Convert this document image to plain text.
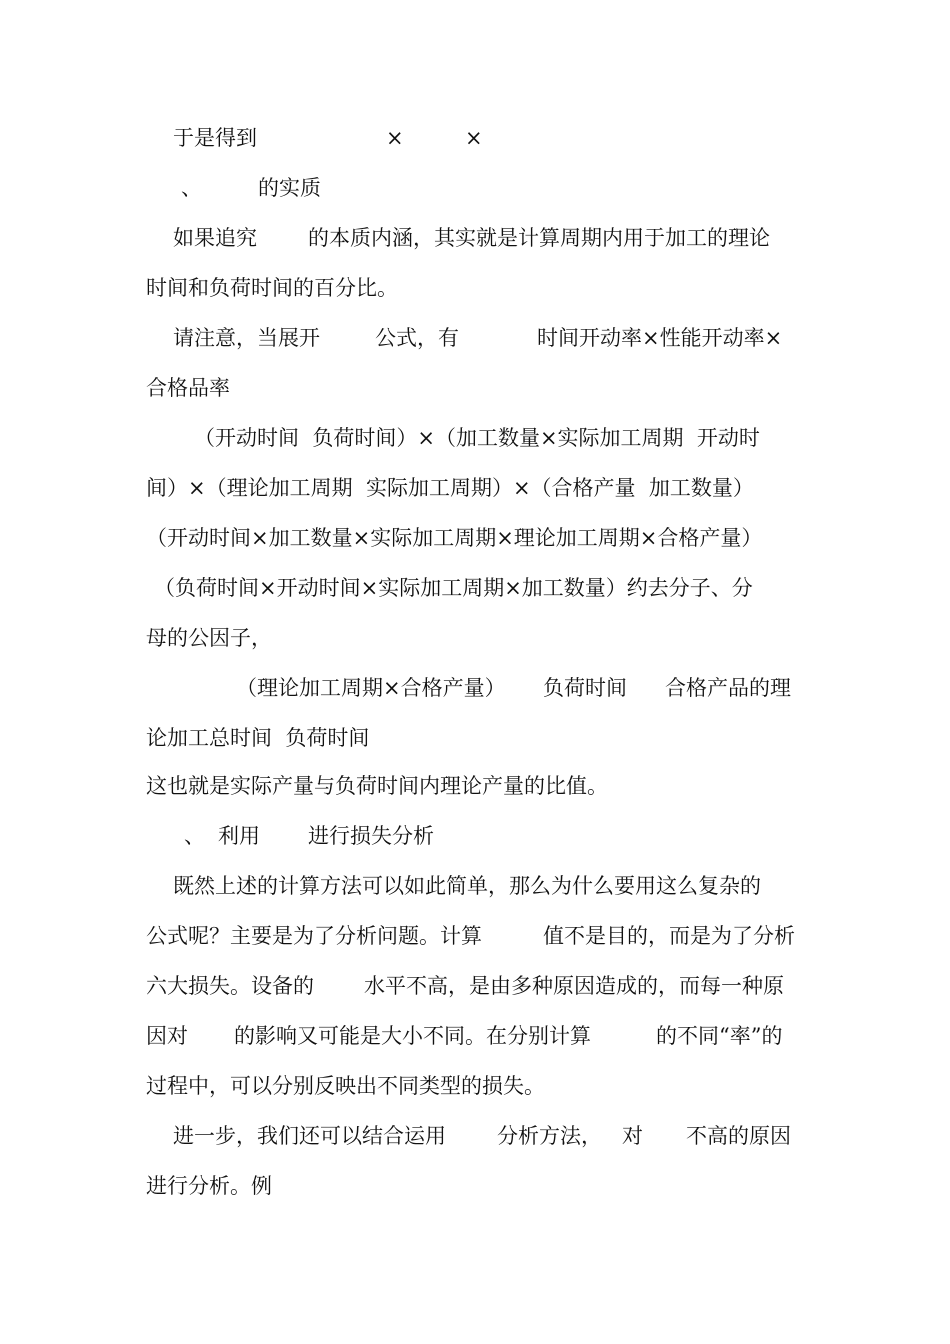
于是得到

	×

	×

、

	的实质

如果追究

的本质内涵，其实就是计算周期内用于加工的理论

时间和负荷时间的百分比。

请注意，当展开

	公式，有

	时间开动率×性能开动率×

合格品率

（开动时间  负荷时间）×（加工数量×实际加工周期  开动时

间）×（理论加工周期  实际加工周期）×（合格产量  加工数量）

（开动时间×加工数量×实际加工周期×理论加工周期×合格产量）

（负荷时间×开动时间×实际加工周期×加工数量）约去分子、分

母的公因子，

（理论加工周期×合格产量）

负荷时间

合格产品的理

论加工总时间  负荷时间

这也就是实际产量与负荷时间内理论产量的比值。

、

利用

进行损失分析

既然上述的计算方法可以如此简单，那么为什么要用这么复杂的

公式呢？主要是为了分析问题。计算

	值不是目的，而是为了分析

六大损失。设备的

水平不高，是由多种原因造成的，而每一种原

因对

的影响又可能是大小不同。在分别计算

	的不同“率”的

过程中，可以分别反映出不同类型的损失。

进一步，我们还可以结合运用

分析方法，

对

不高的原因

进行分析。例
